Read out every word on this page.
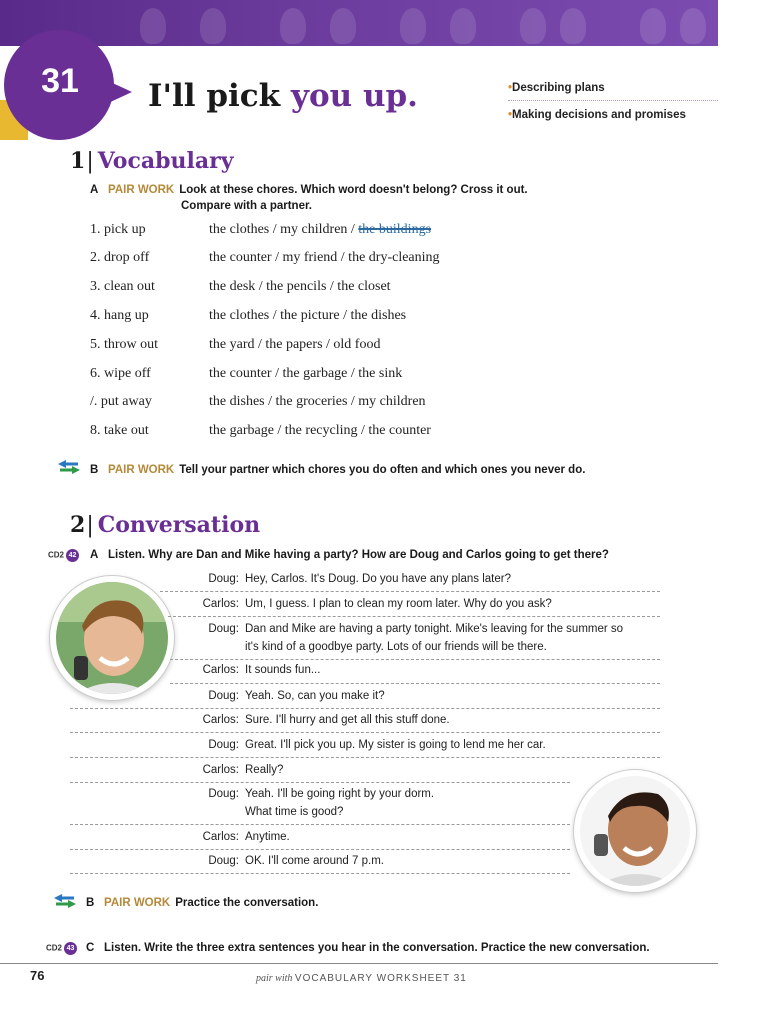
31	I'll pick you up.	•Describing plans
•Making decisions and promises
1| Vocabulary
A PAIR WORK Look at these chores. Which word doesn't belong? Cross it out.
Compare with a partner.
1. pick up	the clothes / my children / the buildings
2. drop off	the counter / my friend / the dry-cleaning
3. clean out	the desk / the pencils / the closet
4. hang up	the clothes / the picture / the dishes
5. throw out	the yard / the papers / old food
6. wipe off	the counter / the garbage / the sink
/. put away	the dishes / the groceries / my children
8. take out	the garbage / the recycling / the counter
B PAIR WORK Tell your partner which chores you do often and which ones you never do.
2| Conversation
CD2 42 A Listen. Why are Dan and Mike having a party? How are Doug and Carlos going to get there?
Doug: Hey, Carlos. It's Doug. Do you have any plans later?
Carlos: Um, I guess. I plan to clean my room later. Why do you ask?
Doug: Dan and Mike are having a party tonight. Mike's leaving for the summer so
it's kind of a goodbye party. Lots of our friends will be there.
Carlos: It sounds fun...
Doug: Yeah. So, can you make it?
Carlos: Sure. I'll hurry and get all this stuff done.
Doug: Great. I'll pick you up. My sister is going to lend me her car.
Carlos: Really?
Doug: Yeah. I'll be going right by your dorm.
What time is good?
Carlos: Anytime.
Doug: OK. I'll come around 7 p.m.
B PAIR WORK Practice the conversation.
CD2 43 C Listen. Write the three extra sentences you hear in the conversation. Practice the new conversation.
76	pair with VOCABULARY WORKSHEET 31
